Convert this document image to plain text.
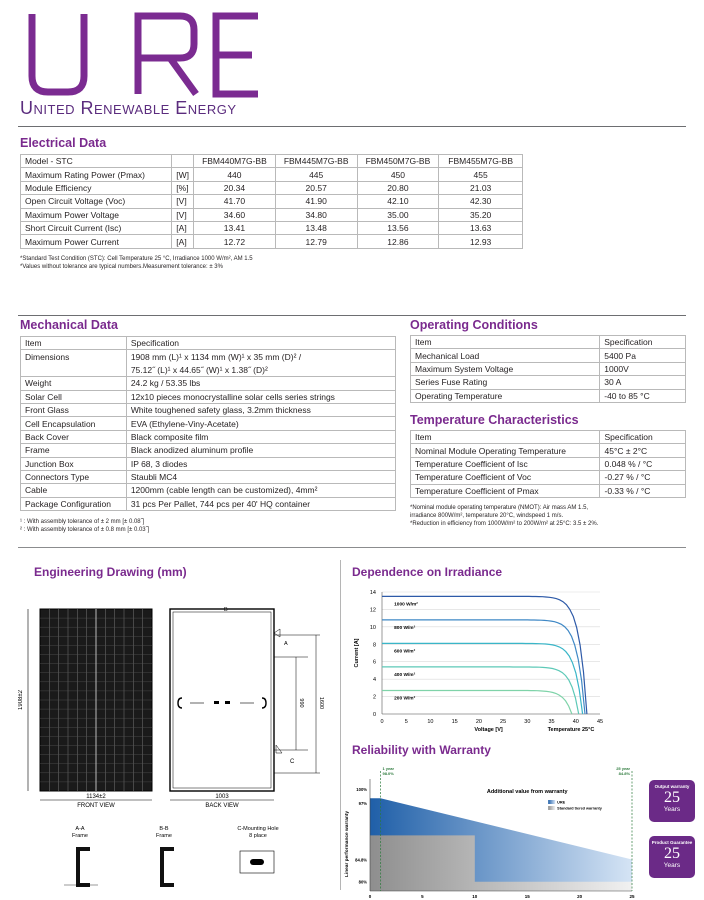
U
United Renewable Energy
Electrical Data
Model - STC		FBM440M7G-BB	FBM445M7G-BB	FBM450M7G-BB	FBM455M7G-BB
Maximum Rating Power (Pmax)	[W]	440	445	450	455
Module Efficiency	[%]	20.34	20.57	20.80	21.03
Open Circuit Voltage (Voc)	[V]	41.70	41.90	42.10	42.30
Maximum Power Voltage	[V]	34.60	34.80	35.00	35.20
Short Circuit Current (Isc)	[A]	13.41	13.48	13.56	13.63
Maximum Power Current	[A]	12.72	12.79	12.86	12.93
*Standard Test Condition (STC): Cell Temperature 25 °C, Irradiance 1000 W/m², AM 1.5
*Values without tolerance are typical numbers.Measurement tolerance: ± 3%
Mechanical Data
Item	Specification
Dimensions	1908 mm (L)¹ x 1134 mm (W)¹ x 35 mm (D)² /
	75.12˝ (L)¹ x 44.65˝ (W)¹ x 1.38˝ (D)²
Weight	24.2 kg / 53.35 lbs
Solar Cell	12x10 pieces monocrystalline solar cells series strings
Front Glass	White toughened safety glass, 3.2mm thickness
Cell Encapsulation	EVA (Ethylene-Viny-Acetate)
Back Cover	Black composite film
Frame	Black anodized aluminum profile
Junction Box	IP 68, 3 diodes
Connectors Type	Staubli MC4
Cable	1200mm (cable length can be customized), 4mm²
Package Configuration	31 pcs Per Pallet, 744 pcs per 40' HQ container
¹ : With assembly tolerance of ± 2 mm [± 0.08˝]
² : With assembly tolerance of ± 0.8 mm [± 0.03˝]
Operating Conditions
Item	Specification
Mechanical Load	5400 Pa
Maximum System Voltage	1000V
Series Fuse Rating	30 A
Operating Temperature	-40 to 85 °C
Temperature Characteristics
Item	Specification
Nominal Module Operating Temperature	45°C ± 2°C
Temperature Coefficient of Isc	0.048 % / °C
Temperature Coefficient of Voc	-0.27 % / °C
Temperature Coefficient of Pmax	-0.33 % / °C
*Nominal module operating temperature (NMOT): Air mass AM 1.5,
irradiance 800W/m², temperature 20°C, windspeed 1 m/s.
*Reduction in efficiency from 1000W/m² to 200W/m² at 25°C: 3.5 ± 2%.
Engineering Drawing (mm)
1134±2
1908±2
FRONT VIEW
990	1600
A
B
C
1003
BACK VIEW
A-A
Frame
B-B
Frame
C-Mounting Hole
8 place
Dependence on Irradiance
0
2
4
6
8
10
12
14
0	5	10	15	20	25	30	35	40	45
1000 W/m²
800 W/m²
600 W/m²
400 W/m²
200 W/m²
Current [A]
Voltage [V]	Temperature 25°C
Reliability with Warranty
100%
97%
84.8%
80%
0	5	10	15	20	25
1 year
98.0%
25 year
84.8%
Additional value from warranty
URE
Standard tiered warranty
Linear performance warranty
Output warranty
25
Years
Product Guarantee
25
Years
